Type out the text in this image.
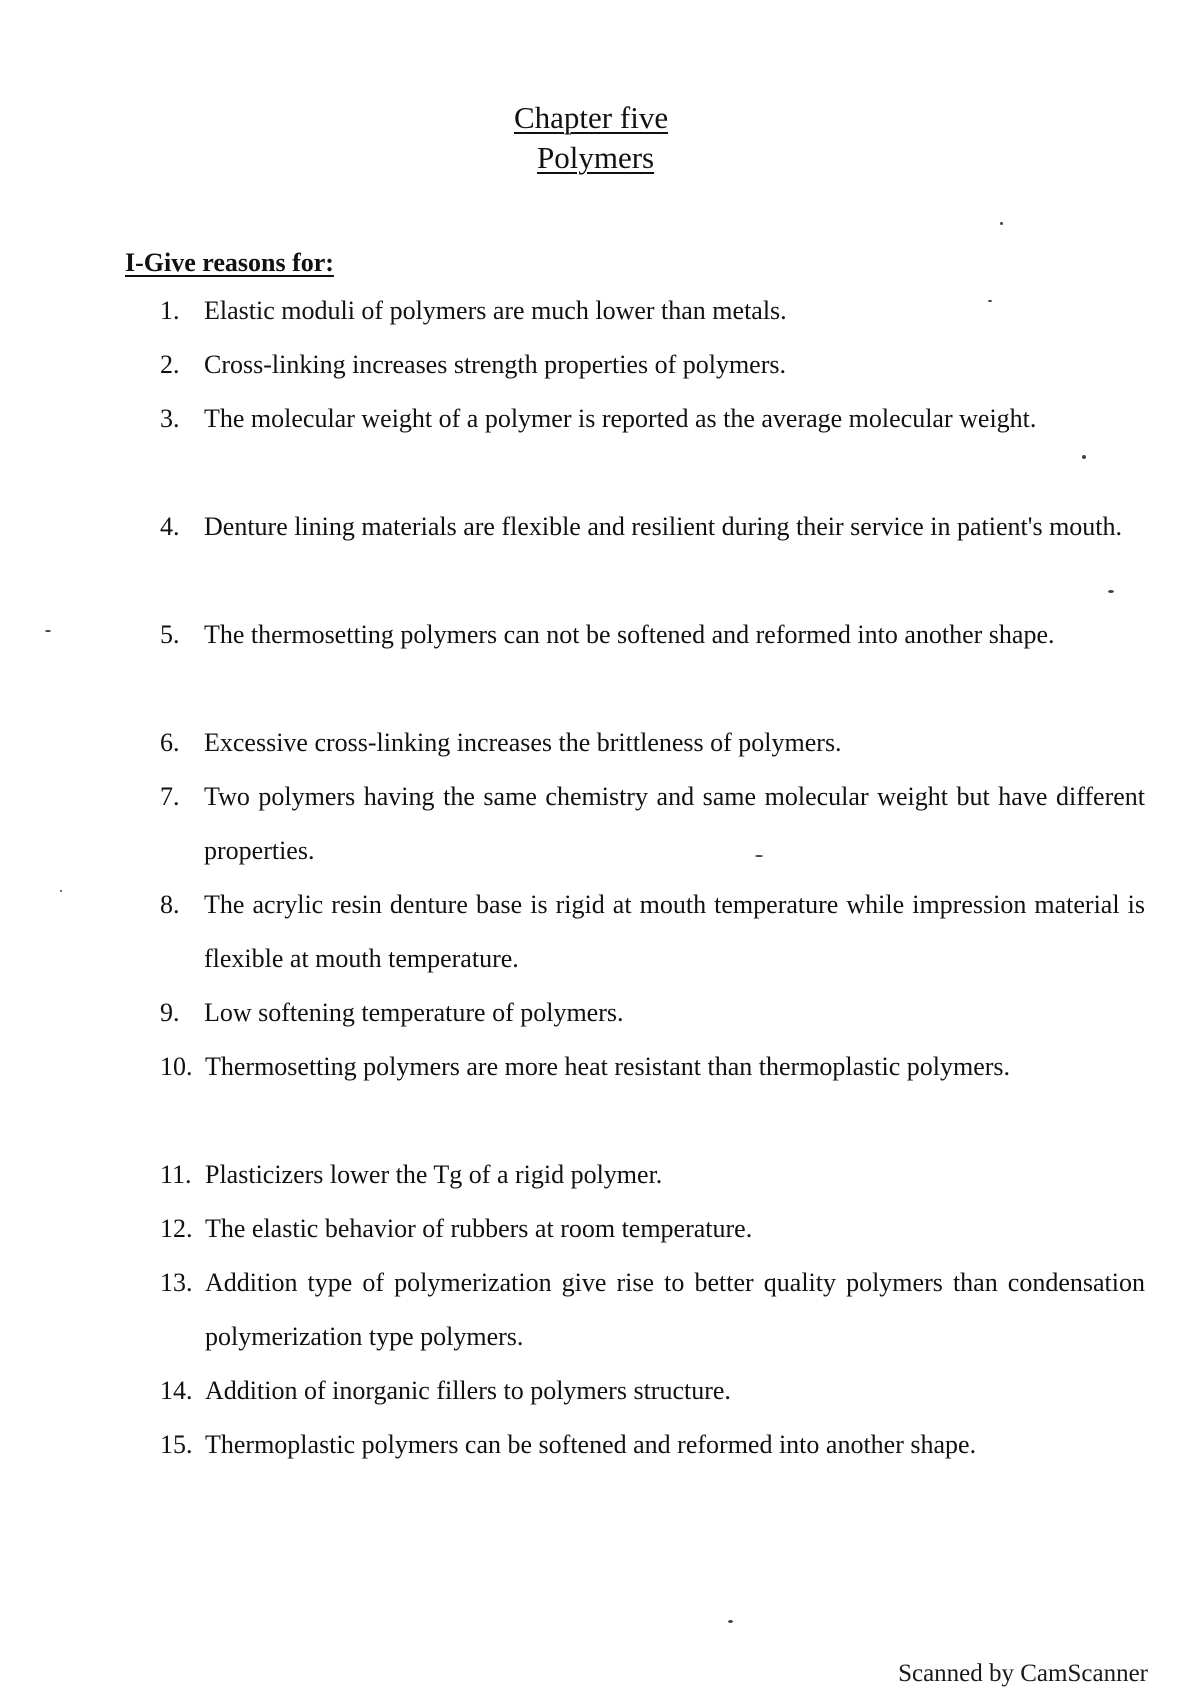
Chapter five
Polymers
I-Give reasons for:
1. Elastic moduli of polymers are much lower than metals.
2. Cross-linking increases strength properties of polymers.
3. The molecular weight of a polymer is reported as the average molecular weight.
4. Denture lining materials are flexible and resilient during their service in patient's mouth.
5. The thermosetting polymers can not be softened and reformed into another shape.
6. Excessive cross-linking increases the brittleness of polymers.
7. Two polymers having the same chemistry and same molecular weight but have different properties.
8. The acrylic resin denture base is rigid at mouth temperature while impression material is flexible at mouth temperature.
9. Low softening temperature of polymers.
10. Thermosetting polymers are more heat resistant than thermoplastic polymers.
11. Plasticizers lower the Tg of a rigid polymer.
12. The elastic behavior of rubbers at room temperature.
13. Addition type of polymerization give rise to better quality polymers than condensation polymerization type polymers.
14. Addition of inorganic fillers to polymers structure.
15. Thermoplastic polymers can be softened and reformed into another shape.
Scanned by CamScanner
